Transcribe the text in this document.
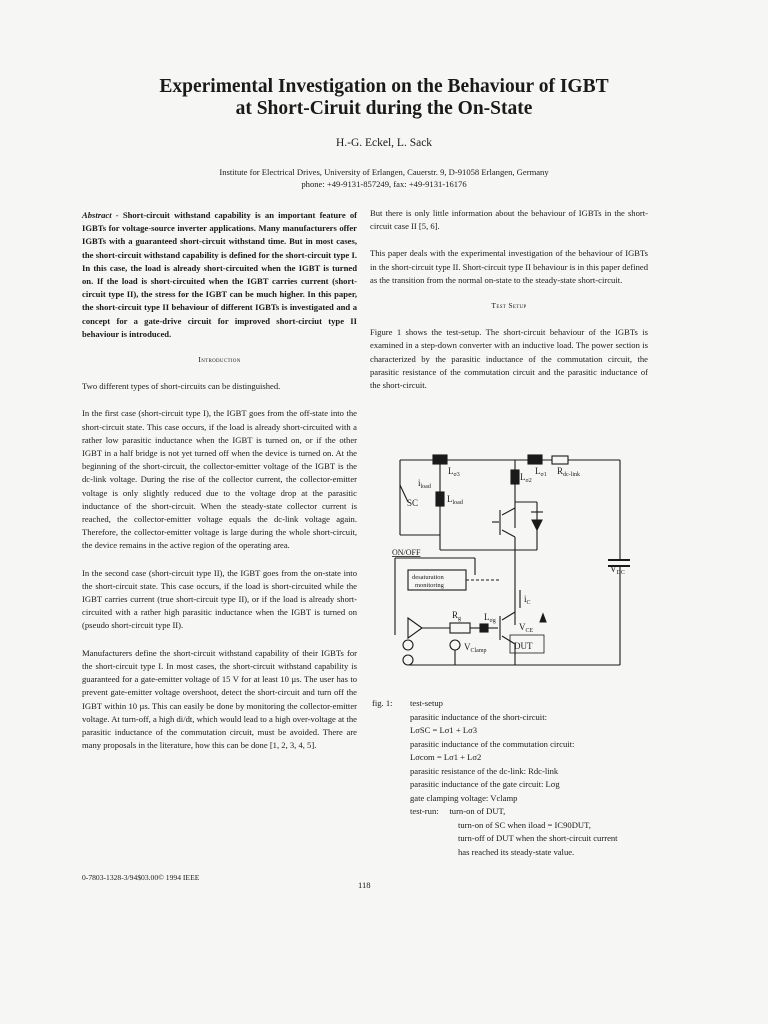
Experimental Investigation on the Behaviour of IGBT
at Short-Ciruit during the On-State
H.-G. Eckel, L. Sack
Institute for Electrical Drives, University of Erlangen, Cauerstr. 9, D-91058 Erlangen, Germany
phone: +49-9131-857249, fax: +49-9131-16176

Abstract - Short-circuit withstand capability is an important feature of IGBTs for voltage-source inverter applications. Many manufacturers offer IGBTs with a guaranteed short-circuit withstand time. But in most cases, the short-circuit withstand capability is defined for the short-circuit type I. In this case, the load is already short-circuited when the IGBT is turned on. If the load is short-circuited when the IGBT carries current (short-circuit type II), the stress for the IGBT can be much higher. In this paper, the short-circuit type II behaviour of different IGBTs is investigated and a concept for a gate-drive circuit for improved short-circiut type II behaviour is introduced.

Introduction

Two different types of short-circuits can be distinguished.

In the first case (short-circuit type I), the IGBT goes from the off-state into the short-circuit state. This case occurs, if the load is already short-circuited with a rather low parasitic inductance when the IGBT is turned on, or if the other IGBT in a half bridge is not yet turned off when the device is turned on. At the beginning of the short-circuit, the collector-emitter voltage of the IGBT is the dc-link voltage. During the rise of the collector current, the collector-emitter voltage is only slightly reduced due to the voltage drop at the parasitic inductance of the short-circuit. When the steady-state collector current is reached, the collector-emitter voltage equals the dc-link voltage again. Therefore, the collector-emitter voltage is large during the whole short-circuit, the device remains in the active region of the operating area.

In the second case (short-circuit type II), the IGBT goes from the on-state into the short-circuit state. This case occurs, if the load is short-circuited while the IGBT carries current (true short-circuit type II), or if the load is already short-circuited with a rather high parasitic inductance when the IGBT is turned on (pseudo short-circuit type II).

Manufacturers define the short-circuit withstand capability of their IGBTs for the short-circuit type I. In most cases, the short-circuit withstand capability is guaranteed for a gate-emitter voltage of 15 V for at least 10 µs. The user has to prevent gate-emitter voltage overshoot, detect the short-circuit and turn off the IGBT within 10 µs. This can easily be done by monitoring the collector-emitter voltage. At turn-off, a high di/dt, which would lead to a high over-voltage at the parasitic inductance of the commutation circuit, must be avoided. There are many proposals in the literature, how this can be done [1, 2, 3, 4, 5].

But there is only little information about the behaviour of IGBTs in the short-circuit case II [5, 6].

This paper deals with the experimental investigation of the behaviour of IGBTs in the short-circuit type II. Short-circuit type II behaviour is in this paper defined as the transition from the normal on-state to the steady-state short-circuit.

Test Setup

Figure 1 shows the test-setup. The short-circuit behaviour of the IGBTs is examined in a step-down converter with an inductive load. The power section is characterized by the parasitic inductance of the commutation circuit, the parasitic resistance of the commutation circuit and the parasitic inductance of the short-circuit.

$i_{load}$
$L_{\sigma 3}$	$L_{\sigma 2}$
$L_{\sigma 1}$ $R_{dc-link}$
SC	$L_{load}$
ON/OFF
desaturation
monitoring
$V_{DC}$
$i_C$
$R_g$	$L_{\sigma g}$
$V_{CE}$
$V_{Clamp}$	DUT
fig. 1: test-setup
parasitic inductance of the short-circuit:
LσSC = Lσ1 + Lσ3
parasitic inductance of the commutation circuit:
Lσcom = Lσ1 + Lσ2
parasitic resistance of the dc-link: Rdc-link
parasitic inductance of the gate circuit: Lσg
gate clamping voltage: Vclamp
test-run: turn-on of DUT,
turn-on of SC when iload = IC90DUT,
turn-off of DUT when the short-circuit current
has reached its steady-state value.
0-7803-1328-3/94$03.00© 1994 IEEE
118
